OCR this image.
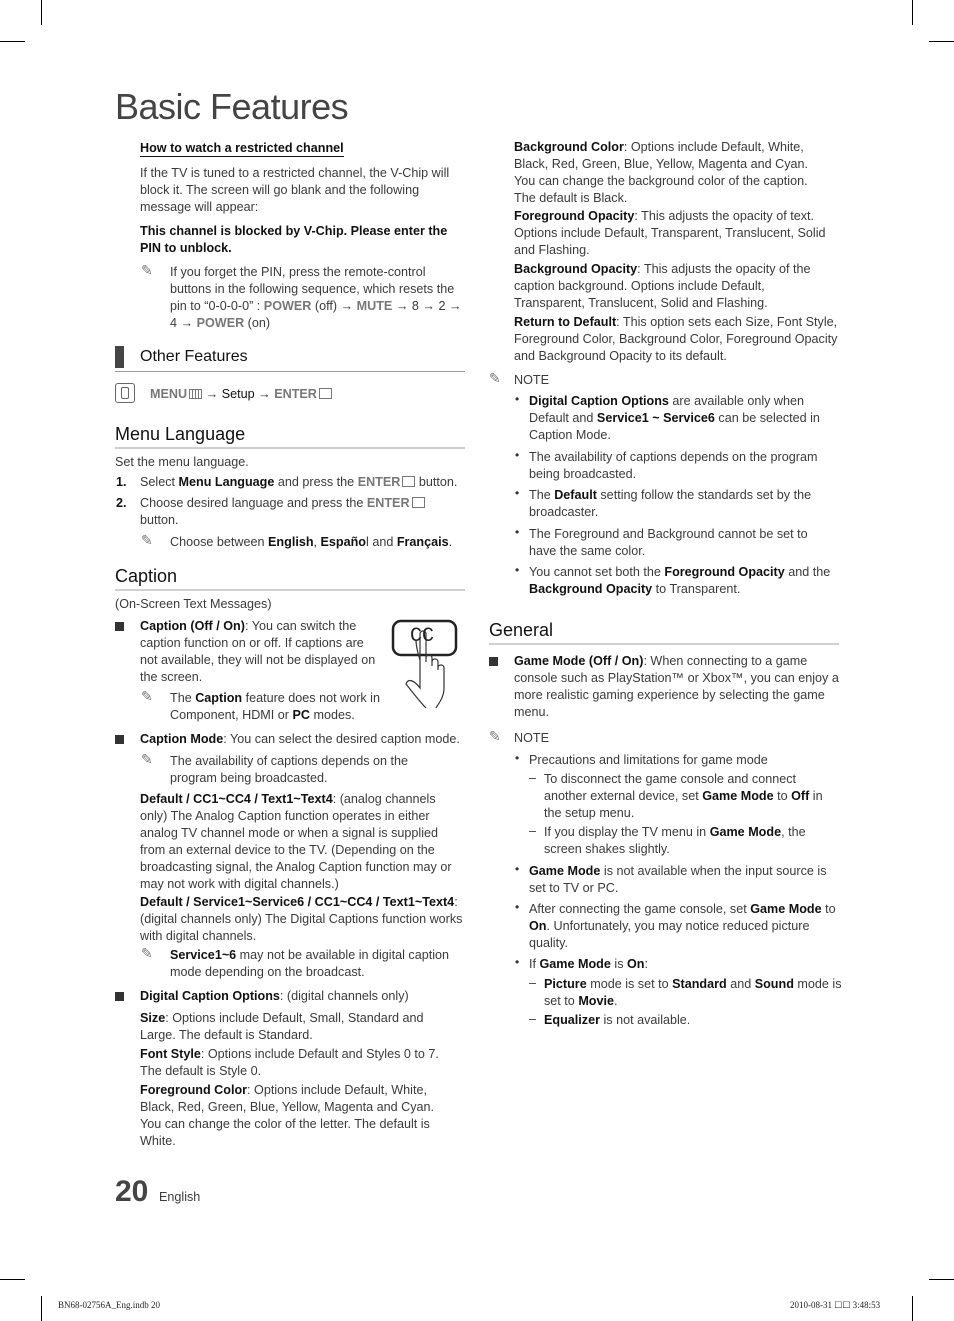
Basic Features
How to watch a restricted channel

If the TV is tuned to a restricted channel, the V-Chip will block it. The screen will go blank and the following message will appear:

This channel is blocked by V-Chip. Please enter the PIN to unblock.

✎ If you forget the PIN, press the remote-control buttons in the following sequence, which resets the pin to “0-0-0-0” : POWER (off) → MUTE → 8 → 2 → 4 → POWER (on)

Other Features

MENU → Setup → ENTER

Menu Language

Set the menu language.

1. Select Menu Language and press the ENTER button.

2. Choose desired language and press the ENTER
button.

✎ Choose between English, Español and Français.

Caption

(On-Screen Text Messages)

CC

Caption (Off / On): You can switch the caption function on or off. If captions are not available, they will not be displayed on the screen.

✎ The Caption feature does not work in Component, HDMI or PC modes.

Caption Mode: You can select the desired caption mode.

✎ The availability of captions depends on the program being broadcasted.

Default / CC1~CC4 / Text1~Text4: (analog channels only) The Analog Caption function operates in either analog TV channel mode or when a signal is supplied from an external device to the TV. (Depending on the broadcasting signal, the Analog Caption function may or may not work with digital channels.)

Default / Service1~Service6 / CC1~CC4 / Text1~Text4: (digital channels only) The Digital Captions function works with digital channels.

✎ Service1~6 may not be available in digital caption mode depending on the broadcast.

Digital Caption Options: (digital channels only)

Size: Options include Default, Small, Standard and Large. The default is Standard.

Font Style: Options include Default and Styles 0 to 7. The default is Style 0.

Foreground Color: Options include Default, White, Black, Red, Green, Blue, Yellow, Magenta and Cyan. You can change the color of the letter. The default is White.

20 English

Background Color: Options include Default, White, Black, Red, Green, Blue, Yellow, Magenta and Cyan. You can change the background color of the caption. The default is Black.

Foreground Opacity: This adjusts the opacity of text. Options include Default, Transparent, Translucent, Solid and Flashing.

Background Opacity: This adjusts the opacity of the caption background. Options include Default, Transparent, Translucent, Solid and Flashing.

Return to Default: This option sets each Size, Font Style, Foreground Color, Background Color, Foreground Opacity and Background Opacity to its default.

✎ NOTE

• Digital Caption Options are available only when Default and Service1 ~ Service6 can be selected in Caption Mode.

• The availability of captions depends on the program being broadcasted.

• The Default setting follow the standards set by the broadcaster.

• The Foreground and Background cannot be set to have the same color.

• You cannot set both the Foreground Opacity and the Background Opacity to Transparent.

General

Game Mode (Off / On): When connecting to a game console such as PlayStation™ or Xbox™, you can enjoy a more realistic gaming experience by selecting the game menu.

✎ NOTE

• Precautions and limitations for game mode

– To disconnect the game console and connect another external device, set Game Mode to Off in the setup menu.

– If you display the TV menu in Game Mode, the screen shakes slightly.

• Game Mode is not available when the input source is set to TV or PC.

• After connecting the game console, set Game Mode to On. Unfortunately, you may notice reduced picture quality.

• If Game Mode is On:

– Picture mode is set to Standard and Sound mode is set to Movie.

– Equalizer is not available.

BN68-02756A_Eng.indb 20	2010-08-31 ☐☐ 3:48:53
